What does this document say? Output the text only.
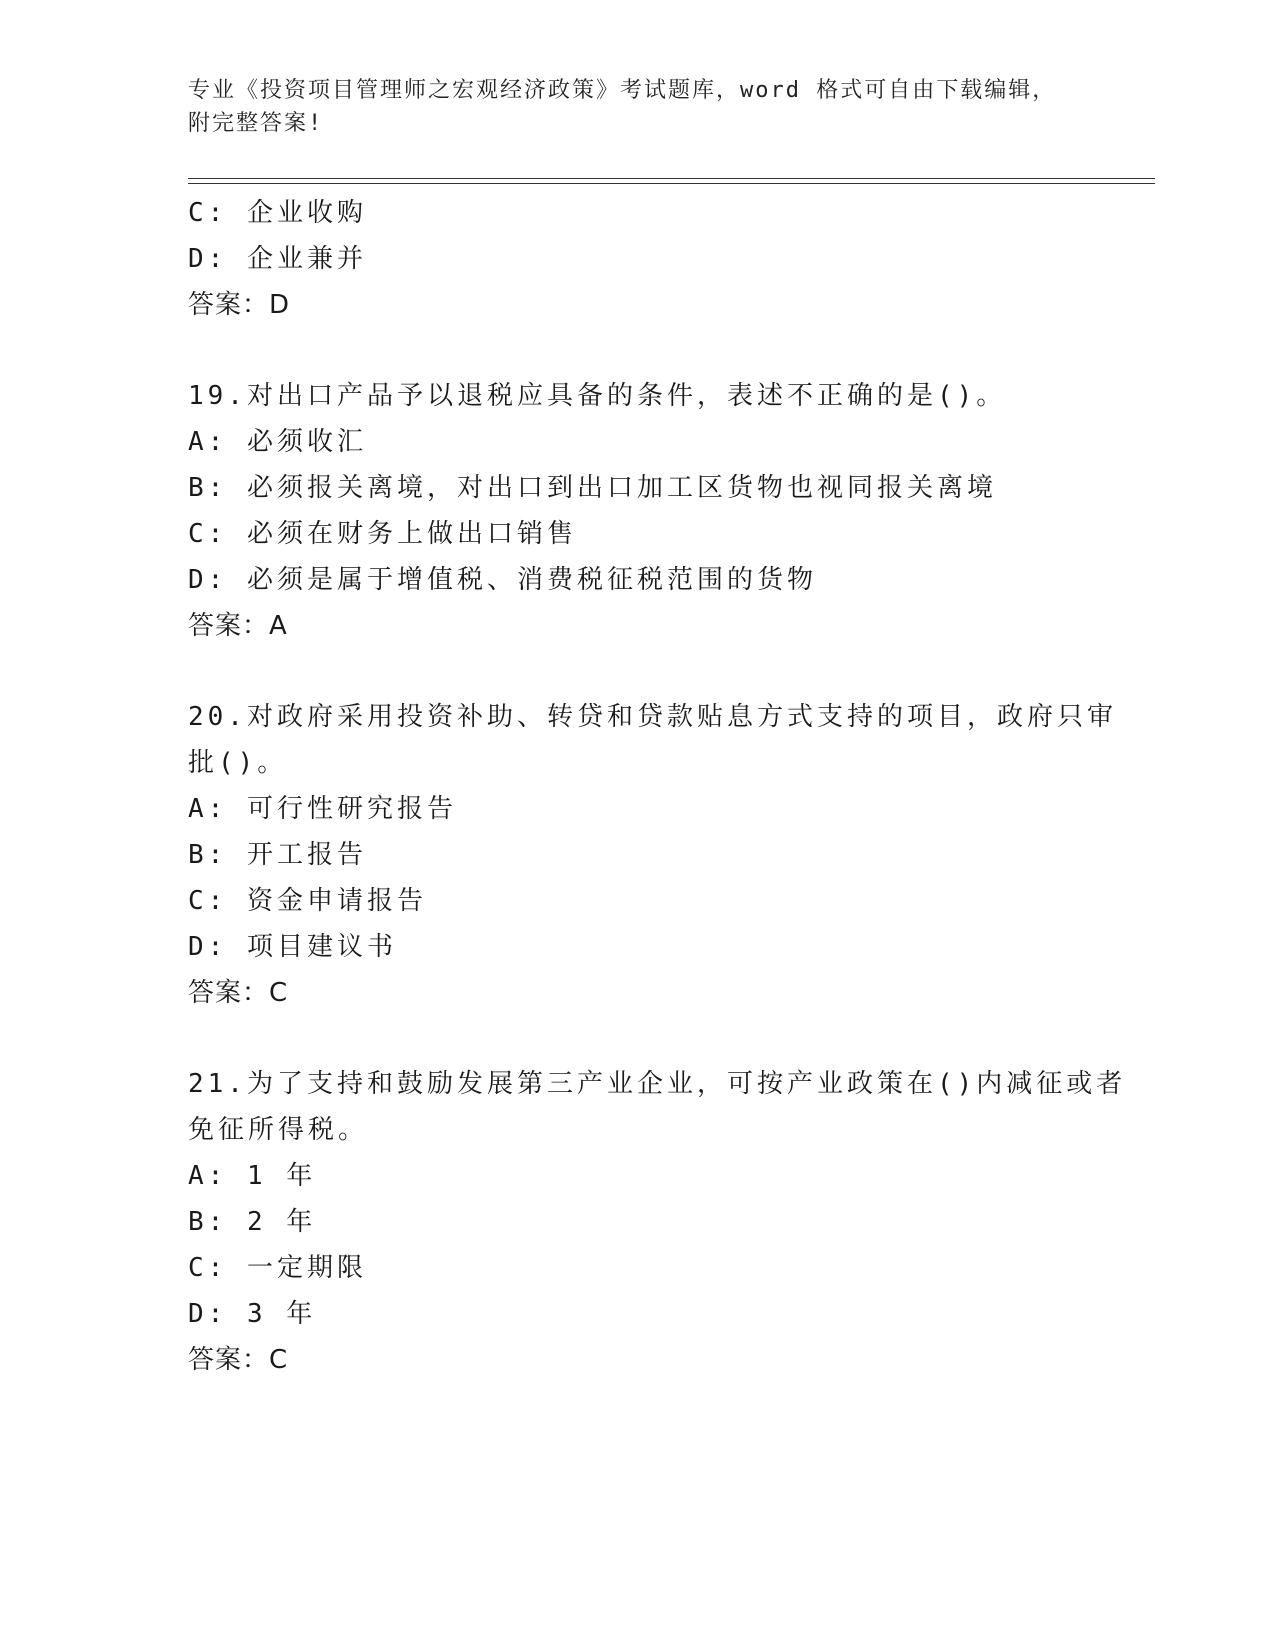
专业《投资项目管理师之宏观经济政策》考试题库，word 格式可自由下载编辑，
附完整答案!
C: 企业收购
D: 企业兼并
答案：D
19.对出口产品予以退税应具备的条件，表述不正确的是()。
A: 必须收汇
B: 必须报关离境，对出口到出口加工区货物也视同报关离境
C: 必须在财务上做出口销售
D: 必须是属于增值税、消费税征税范围的货物
答案：A
20.对政府采用投资补助、转贷和贷款贴息方式支持的项目，政府只审
批()。
A: 可行性研究报告
B: 开工报告
C: 资金申请报告
D: 项目建议书
答案：C
21.为了支持和鼓励发展第三产业企业，可按产业政策在()内减征或者
免征所得税。
A: 1 年
B: 2 年
C: 一定期限
D: 3 年
答案：C
